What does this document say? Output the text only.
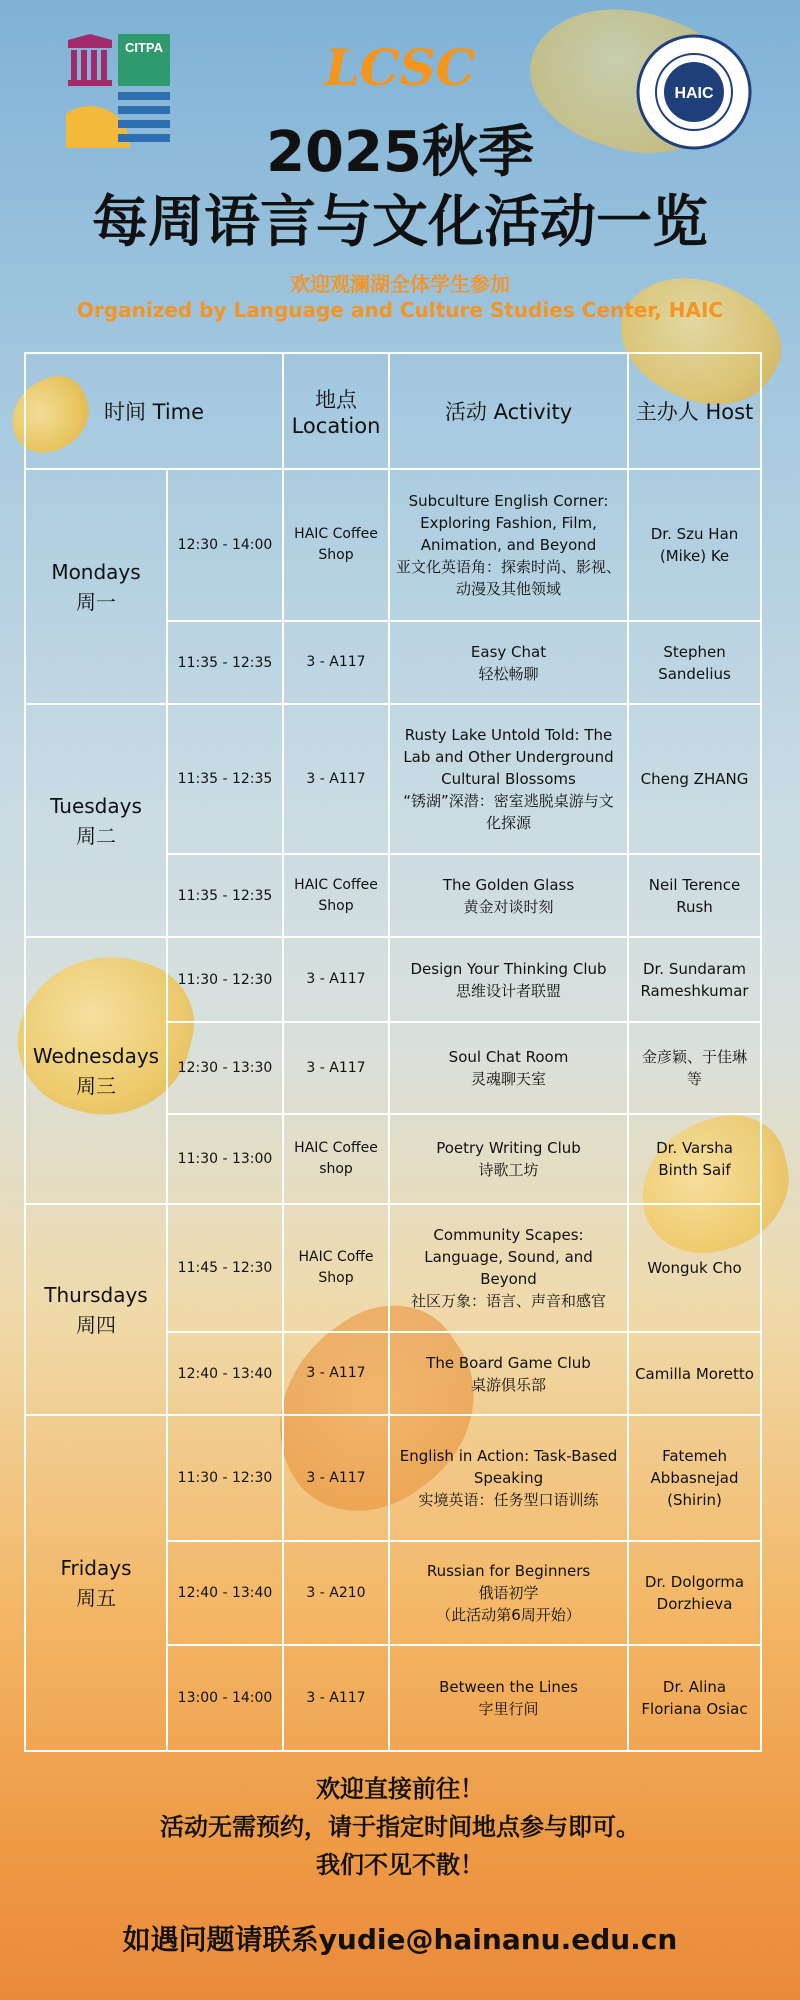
CITPA
HAIC
LCSC
2025秋季
每周语言与文化活动一览
欢迎观澜湖全体学生参加
Organized by Language and Culture Studies Center, HAIC
时间 Time		地点 Location	活动 Activity	主办人 Host

Mondays
周一	12:30 - 14:00	HAIC Coffee Shop	Subculture English Corner: Exploring Fashion, Film, Animation, and Beyond
亚文化英语角：探索时尚、影视、动漫及其他领域	Dr. Szu Han (Mike) Ke
	11:35 - 12:35	3 - A117	Easy Chat
轻松畅聊	Stephen Sandelius

Tuesdays
周二	11:35 - 12:35	3 - A117	Rusty Lake Untold Told: The Lab and Other Underground Cultural Blossoms
“锈湖”深潜：密室逃脱桌游与文化探源	Cheng ZHANG
	11:35 - 12:35	HAIC Coffee Shop	The Golden Glass
黄金对谈时刻	Neil Terence Rush

Wednesdays
周三	11:30 - 12:30	3 - A117	Design Your Thinking Club
思维设计者联盟	Dr. Sundaram Rameshkumar
	12:30 - 13:30	3 - A117	Soul Chat Room
灵魂聊天室	金彦颖、于佳琳等
	11:30 - 13:00	HAIC Coffee shop	Poetry Writing Club
诗歌工坊	Dr. Varsha Binth Saif

Thursdays
周四	11:45 - 12:30	HAIC Coffe Shop	Community Scapes: Language, Sound, and Beyond
社区万象：语言、声音和感官	Wonguk Cho
	12:40 - 13:40	3 - A117	The Board Game Club
桌游俱乐部	Camilla Moretto

Fridays
周五	11:30 - 12:30	3 - A117	English in Action: Task-Based Speaking
实境英语：任务型口语训练	Fatemeh Abbasnejad (Shirin)
	12:40 - 13:40	3 - A210	Russian for Beginners
俄语初学
（此活动第6周开始）	Dr. Dolgorma Dorzhieva
	13:00 - 14:00	3 - A117	Between the Lines
字里行间	Dr. Alina Floriana Osiac
欢迎直接前往！
活动无需预约，请于指定时间地点参与即可。
我们不见不散！
如遇问题请联系yudie@hainanu.edu.cn
